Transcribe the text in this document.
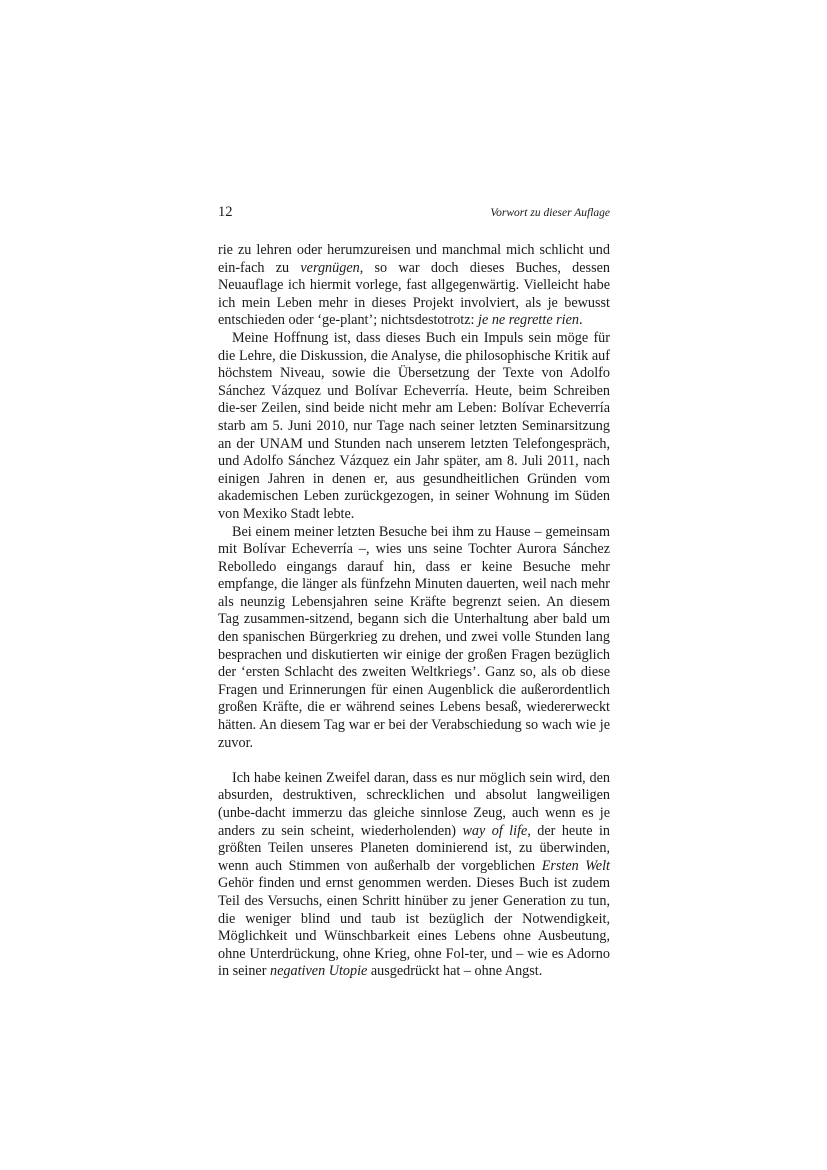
12	Vorwort zu dieser Auflage

rie zu lehren oder herumzureisen und manchmal mich schlicht und ein-fach zu vergnügen, so war doch dieses Buches, dessen Neuauflage ich hiermit vorlege, fast allgegenwärtig. Vielleicht habe ich mein Leben mehr in dieses Projekt involviert, als je bewusst entschieden oder ‘ge-plant’; nichtsdestotrotz: je ne regrette rien.

Meine Hoffnung ist, dass dieses Buch ein Impuls sein möge für die Lehre, die Diskussion, die Analyse, die philosophische Kritik auf höchstem Niveau, sowie die Übersetzung der Texte von Adolfo Sánchez Vázquez und Bolívar Echeverría. Heute, beim Schreiben die-ser Zeilen, sind beide nicht mehr am Leben: Bolívar Echeverría starb am 5. Juni 2010, nur Tage nach seiner letzten Seminarsitzung an der UNAM und Stunden nach unserem letzten Telefongespräch, und Adolfo Sánchez Vázquez ein Jahr später, am 8. Juli 2011, nach einigen Jahren in denen er, aus gesundheitlichen Gründen vom akademischen Leben zurückgezogen, in seiner Wohnung im Süden von Mexiko Stadt lebte.

Bei einem meiner letzten Besuche bei ihm zu Hause – gemeinsam mit Bolívar Echeverría –, wies uns seine Tochter Aurora Sánchez Rebolledo eingangs darauf hin, dass er keine Besuche mehr empfange, die länger als fünfzehn Minuten dauerten, weil nach mehr als neunzig Lebensjahren seine Kräfte begrenzt seien. An diesem Tag zusammen-sitzend, begann sich die Unterhaltung aber bald um den spanischen Bürgerkrieg zu drehen, und zwei volle Stunden lang besprachen und diskutierten wir einige der großen Fragen bezüglich der ‘ersten Schlacht des zweiten Weltkriegs’. Ganz so, als ob diese Fragen und Erinnerungen für einen Augenblick die außerordentlich großen Kräfte, die er während seines Lebens besaß, wiedererweckt hätten. An diesem Tag war er bei der Verabschiedung so wach wie je zuvor.

Ich habe keinen Zweifel daran, dass es nur möglich sein wird, den absurden, destruktiven, schrecklichen und absolut langweiligen (unbe-dacht immerzu das gleiche sinnlose Zeug, auch wenn es je anders zu sein scheint, wiederholenden) way of life, der heute in größten Teilen unseres Planeten dominierend ist, zu überwinden, wenn auch Stimmen von außerhalb der vorgeblichen Ersten Welt Gehör finden und ernst genommen werden. Dieses Buch ist zudem Teil des Versuchs, einen Schritt hinüber zu jener Generation zu tun, die weniger blind und taub ist bezüglich der Notwendigkeit, Möglichkeit und Wünschbarkeit eines Lebens ohne Ausbeutung, ohne Unterdrückung, ohne Krieg, ohne Fol-ter, und – wie es Adorno in seiner negativen Utopie ausgedrückt hat – ohne Angst.
